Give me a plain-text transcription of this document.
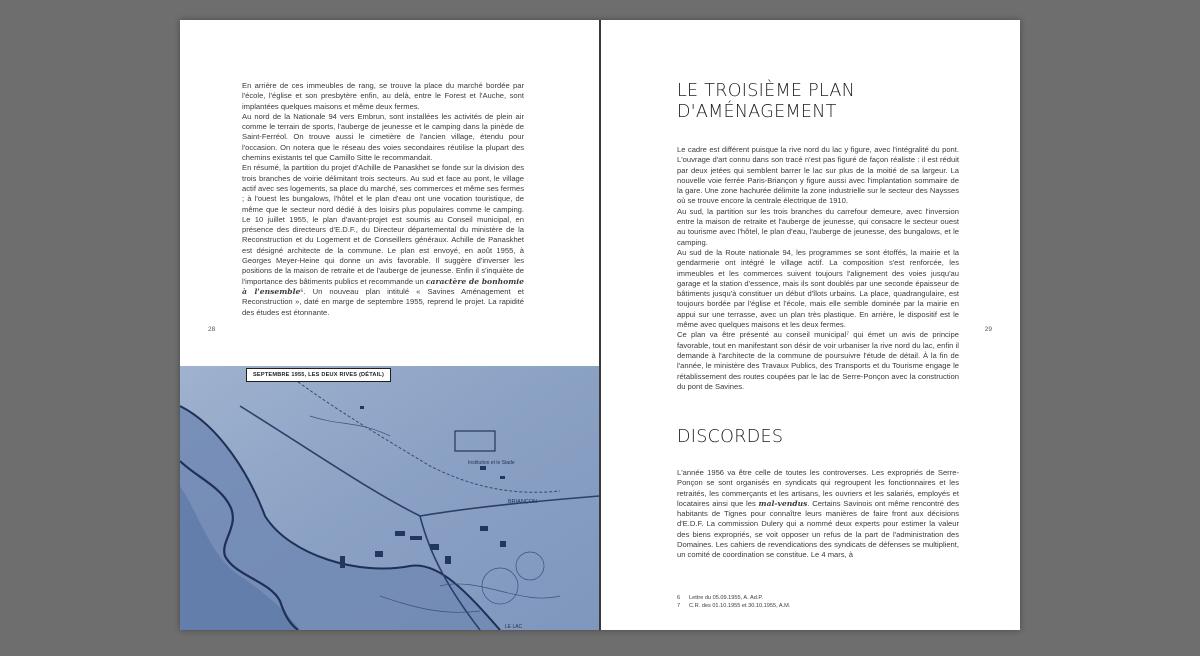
En arrière de ces immeubles de rang, se trouve la place du marché bordée par l'école, l'église et son presbytère enfin, au delà, entre le Forest et l'Auche, sont implantées quelques maisons et même deux fermes.

Au nord de la Nationale 94 vers Embrun, sont installées les activités de plein air comme le terrain de sports, l'auberge de jeunesse et le camping dans la pinède de Saint-Ferréol. On trouve aussi le cimetière de l'ancien village, étendu pour l'occasion. On notera que le réseau des voies secondaires réutilise la plupart des chemins existants tel que Camillo Sitte le recommandait.

En résumé, la partition du projet d'Achille de Panaskhet se fonde sur la division des trois branches de voirie délimitant trois secteurs. Au sud et face au pont, le village actif avec ses logements, sa place du marché, ses commerces et même ses fermes ; à l'ouest les bungalows, l'hôtel et le plan d'eau ont une vocation touristique, de même que le secteur nord dédié à des loisirs plus populaires comme le camping. Le 10 juillet 1955, le plan d'avant-projet est soumis au Conseil municipal, en présence des directeurs d'E.D.F., du Directeur départemental du ministère de la Reconstruction et du Logement et de Conseillers généraux. Achille de Panaskhet est désigné architecte de la commune. Le plan est envoyé, en août 1955, à Georges Meyer-Heine qui donne un avis favorable. Il suggère d'inverser les positions de la maison de retraite et de l'auberge de jeunesse. Enfin il s'inquiète de l'importance des bâtiments publics et recommande un caractère de bonhomie à l'ensemble⁶. Un nouveau plan intitulé « Savines Aménagement et Reconstruction », daté en marge de septembre 1955, reprend le projet. La rapidité des études est étonnante.

28
BRIANÇON
Institution et le Stade
LE LAC
SEPTEMBRE 1955, LES DEUX RIVES (DÉTAIL)
LE TROISIÈME PLAN D'AMÉNAGEMENT

Le cadre est différent puisque la rive nord du lac y figure, avec l'intégralité du pont. L'ouvrage d'art connu dans son tracé n'est pas figuré de façon réaliste : il est réduit par deux jetées qui semblent barrer le lac sur plus de la moitié de sa largeur. La nouvelle voie ferrée Paris-Briançon y figure aussi avec l'implantation sommaire de la gare. Une zone hachurée délimite la zone industrielle sur le secteur des Naysses où se trouve encore la centrale électrique de 1910.

Au sud, la partition sur les trois branches du carrefour demeure, avec l'inversion entre la maison de retraite et l'auberge de jeunesse, qui consacre le secteur ouest au tourisme avec l'hôtel, le plan d'eau, l'auberge de jeunesse, des bungalows, et le camping.

Au sud de la Route nationale 94, les programmes se sont étoffés, la mairie et la gendarmerie ont intégré le village actif. La composition s'est renforcée, les immeubles et les commerces suivent toujours l'alignement des voies jusqu'au garage et la station d'essence, mais ils sont doublés par une seconde épaisseur de bâtiments jusqu'à constituer un début d'îlots urbains. La place, quadrangulaire, est toujours bordée par l'église et l'école, mais elle semble dominée par la mairie en appui sur une terrasse, avec un plan très plastique. En arrière, le dispositif est le même avec quelques maisons et les deux fermes.

Ce plan va être présenté au conseil municipal⁷ qui émet un avis de principe favorable, tout en manifestant son désir de voir urbaniser la rive nord du lac, enfin il demande à l'architecte de la commune de poursuivre l'étude de détail. À la fin de l'année, le ministère des Travaux Publics, des Transports et du Tourisme engage le rétablissement des routes coupées par le lac de Serre-Ponçon avec la construction du pont de Savines.

DISCORDES

L'année 1956 va être celle de toutes les controverses. Les expropriés de Serre-Ponçon se sont organisés en syndicats qui regroupent les fonctionnaires et les retraités, les commerçants et les artisans, les ouvriers et les salariés, employés et locataires ainsi que les mal-vendus. Certains Savinois ont même rencontré des habitants de Tignes pour connaître leurs manières de faire front aux décisions d'E.D.F. La commission Dulery qui a nommé deux experts pour estimer la valeur des biens expropriés, se voit opposer un refus de la part de l'administration des Domaines. Les cahiers de revendications des syndicats de défenses se multiplient, un comité de coordination se constitue. Le 4 mars, à

29
6	Lettre du 05.09.1955, A. Ad.P.
7	C.R. des 01.10.1955 et 30.10.1955, A.M.
